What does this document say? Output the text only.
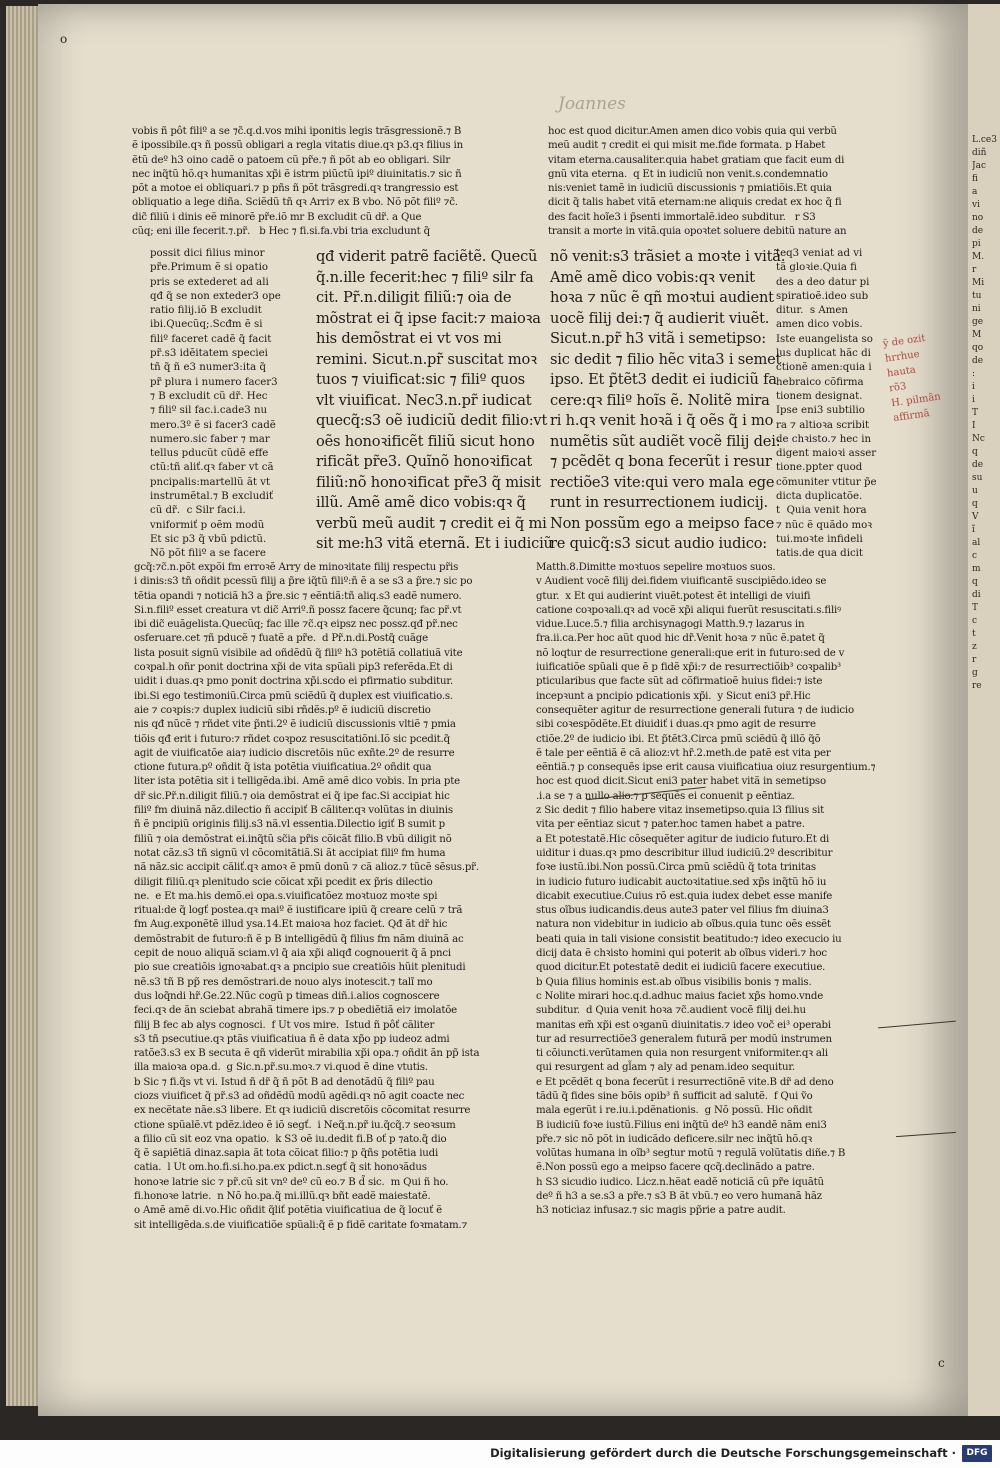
Joannes
vobis ñ pôt filiº a se ⁊c̃.q.d.vos mihi iponitis legis trãsgressionẽ.⁊ B
ẽ ipossibile.qꝛ ñ possũ obligari a regla vitatis diue.qꝛ p3.qꝛ filius in
ẽtũ deº h3 oino cadẽ o patoem cũ pr̃e.⁊ ñ põt ab eo obligari. Silr
nec inq̃tũ hõ.qꝛ humanitas xp̃i ẽ istrm piũctũ ipiº diuinitatis.⁊ sic ñ
põt a motoe ei obliquari.⁊ p pñs ñ põt trãsgredi.qꝛ trangressio est
obliquatio a lege diña. Sciẽdũ tñ qꝛ Arri⁊ ex B vbo. Nõ põt filiº ⁊c̃.
dic̃ filiũ i dinis eẽ minorẽ pr̃e.iõ mr B excludit cũ dr̃. a Que
cũq; eni ille fecerit.⁊.pr̃.   b Hec ⁊ fi.si.fa.vbi tria excludunt q̃
hoc est quod dicitur.Amen amen dico vobis quia qui verbũ
meũ audit ⁊ credit ei qui misit me.fide formata. p Habet
vitam eterna.causaliter.quia habet gratiam que facit eum di
gnũ vita eterna.  q Et in iudiciũ non venit.s.condemnatio
nis:veniet tamẽ in iudiciũ discussionis ⁊ pmiatiõis.Et quia
dicit q̃ talis habet vitã eternam:ne aliquis credat ex hoc q̃ fi
des facit hoĩe3 i p̃senti immortalẽ.ideo subditur.   r S3
transit a morte in vitã.quia opoꝛtet soluere debitũ nature an
possit dici filius minor
pr̃e.Primum ẽ si opatio
pris se extederet ad ali
qđ q̃ se non exteder3 ope
ratio filij.iõ B excludit
ibi.Quecũq;.Scđm ẽ si
filiº faceret cadẽ q̃ facit
pr̃.s3 idẽitatem speciei
tñ q̃ ñ e3 numer3:ita q̃
pr̃ plura i numero facer3
⁊ B excludit cũ dr̃. Hec
⁊ filiº sil fac.i.cade3 nu
mero.3º ẽ si facer3 cadẽ
numero.sic faber ⁊ mar
tellus pducũt cũdẽ effe
ctũ:tñ aliť.qꝛ faber vt cã
pncipalis:martellũ ãt vt
instrumẽtal.⁊ B excludiť
cũ dr̃.  c Silr faci.i.
vniformiť p oẽm modũ
Et sic p3 q̃ vbũ pdictũ.
Nõ põt filiº a se facere
qđ viderit patrẽ faciẽtẽ. Quecũ
q̃.n.ille fecerit:hec ⁊ filiº silr fa
cit. Pr̃.n.diligit filiũ:⁊ oia de
mõstrat ei q̃ ipse facit:⁊ maioꝛa
his demõstrat ei vt vos mi
remini. Sicut.n.pr̃ suscitat moꝛ
tuos ⁊ viuificat:sic ⁊ filiº quos
vlt viuificat. Nec3.n.pr̃ iudicat
quecq̃:s3 oẽ iudiciũ dedit filio:vt
oẽs honoꝛificẽt filiũ sicut hono
rificãt pr̃e3. Quĩnõ honoꝛificat
filiũ:nõ honoꝛificat pr̃e3 q̃ misit
illũ. Amẽ amẽ dico vobis:qꝛ q̃
verbũ meũ audit ⁊ credit ei q̃ mi
sit me:h3 vitã eternã. Et i iudiciũ
nõ venit:s3 trãsiet a moꝛte i vitã.
Amẽ amẽ dico vobis:qꝛ venit
hoꝛa ⁊ nũc ẽ qñ moꝛtui audient
uocẽ filij dei:⁊ q̃ audierit viuẽt.
Sicut.n.pr̃ h3 vitã i semetipso:
sic dedit ⁊ filio hẽc vita3 i semet
ipso. Et p̃tẽt3 dedit ei iudiciũ fa
cere:qꝛ filiº hoĩs ẽ. Nolitẽ mira
ri h.qꝛ venit hoꝛã i q̃ oẽs q̃ i mo
numẽtis sũt audiẽt vocẽ filij dei:
⁊ pcẽdẽt q bona fecerũt i resur
rectiõe3 vite:qui vero mala ege
runt in resurrectionem iudicij.
Non possũm ego a meipso face
re quicq̃:s3 sicut audio iudico:
teq3 veniat ad vi
tã gloꝛie.Quia fi
des a deo datur pi
spiratioẽ.ideo sub
ditur.  s Amen
amen dico vobis.
Iste euangelista so
lus duplicat hãc di
ctionẽ amen:quia i
hebraico cõfirma
tionem designat.
Ipse eni3 subtilio
ra ⁊ altioꝛa scribit
de chꝛisto.⁊ hec in
digent maioꝛi asser
tione.ppter quod
cõmuniter vtitur p̃e
dicta duplicatõe.
t  Quia venit hora
⁊ nũc ẽ quãdo moꝛ
tui.moꝛte infideli
tatis.de qua dicit
gcq̃:⁊c̃.n.põt expõi fm erroꝛẽ Arry de minoꝛitate filij respectu pr̃is
i dinis:s3 tñ oñdit pcessũ filij a p̃re iq̃tũ filiº:ñ ẽ a se s3 a p̃re.⁊ sic po
tẽtia opandi ⁊ noticiã h3 a p̃re.sic ⁊ eẽntiã:tñ aliq.s3 eadẽ numero.
Si.n.filiº esset creatura vt dic̃ Arriº.ñ possz facere q̃cunq; fac pr̃.vt
ibi dic̃ euãgelista.Quecũq; fac ille ⁊c̃.qꝛ eipsz nec possz.qđ pr̃.nec
osferuare.cet ⁊ñ pducẽ ⁊ fuatẽ a pr̃e.  d Pr̃.n.di.Postq̃ cuãge
lista posuit signũ visibile ad oñdẽdũ q̃ filiº h3 potẽtiã collatiuã vite
coꝛpal.h oñr ponit doctrina xp̃i de vita spũali pip3 referẽda.Et di
uidit i duas.qꝛ pmo ponit doctrina xp̃i.scdo ei pfirmatio subditur.
ibi.Si ego testimoniũ.Circa pmũ sciẽdũ q̃ duplex est viuificatio.s.
aie ⁊ coꝛpis:⁊ duplex iudiciũ sibi rñdẽs.pº ẽ iudiciũ discretio
nis qđ nũcẽ ⁊ rñdet vite p̃nti.2º ẽ iudiciũ discussionis vltiẽ ⁊ pmia
tiõis qđ erit i futuro:⁊ rñdet coꝛpoz resuscitatiõni.Iõ sic pcedit.q̃
agit de viuificatõe aia⁊ iudicio discretõis nũc exñte.2º de resurre
ctione futura.pº oñdit q̃ ista potẽtia viuificatiua.2º oñdit qua
liter ista potẽtia sit i telligẽda.ibi. Amẽ amẽ dico vobis. In pria pte
dr̃ sic.Pr̃.n.diligit filiũ.⁊ oia demõstrat ei q̃ ipe fac.Si accipiat hic
filiº fm diuinã nãz.dilectio ñ accipiť B căliter.qꝛ volũtas in diuinis
ñ ẽ pncipiũ originis filij.s3 nã.vl essentia.Dilectio igiť B sumit p
filiũ ⁊ oia demõstrat ei.inq̃tũ sc̃ia pr̃is cõicãt filio.B vbũ diligit nõ
notat cãz.s3 tñ signũ vl cõcomitãtiã.Si ãt accipiat filiº fm huma
nã nãz.sic accipit căliť.qꝛ amoꝛ ẽ pmũ donũ ⁊ cã alioz.⁊ tũcẽ sẽsus.pr̃.
diligit filiũ.qꝛ plenitudo scie cõicat xp̃i pcedit ex p̃ris dilectio
ne.  e Et ma.his demõ.ei opa.s.viuificatõez moꝛtuoz moꝛte spi
ritual:de q̃ logť postea.qꝛ maiº ẽ iustificare ipiũ q̃ creare celũ ⁊ trã
fm Aug.exponẽtẽ illud ysa.14.Et maioꝛa hoz faciet. Qđ ãt dr̃ hic
demõstrabit de futuro:ñ ẽ p B intelligẽdũ q̃ filius fm nãm diuinã ac
cepit de nouo aliquã sciam.vl q̃ aia xp̃i aliqđ cognouerit q̃ ã pnci
pio sue creatiõis ignoꝛabat.qꝛ a pncipio sue creatiõis hũit plenitudi
nẽ.s3 tñ B pp̃ res demõstrari.de nouo alys inotescit.⁊ talĩ mo
dus loq̃ndi hr̃.Ge.22.Nũc cogũ p timeas diñ.i.alios cognoscere
feci.qꝛ de ãn sciebat abrahã timere ips.⁊ p obediẽtiã ei⁊ imolatõe
filij B fec ab alys cognosci.  f Ut vos mire.  Istud ñ pôť căliter
s3 tñ psecutiue.qꝛ ptãs viuificatiua ñ ẽ data xp̃o pp iudeoz admi
ratõe3.s3 ex B secuta ẽ qñ viderũt mirabilia xp̃i opa.⁊ oñdit ãn pp̃ ista
illa maioꝛa opa.d.  g Sic.n.pr̃.su.moꝛ.⁊ vi.quod ẽ dine vtutis.
b Sic ⁊ fi.q̃s vt vi. Istud ñ dr̃ q̃ ñ põt B ad denotãdũ q̃ filiº pau
ciozs viuificet q̃ pr̃.s3 ad oñdẽdũ modũ agẽdi.qꝛ nõ agit coacte nec
ex necẽtate nãe.s3 libere. Et qꝛ iudiciũ discretõis cõcomitat resurre
ctione spũalẽ.vt pdẽz.ideo ẽ iõ segť.  i Neq̃.n.pr̃ iu.q̃cq̃.⁊ seoꝛsum
a filio cũ sit eoz vna opatio.  k S3 oẽ iu.dedit fi.B oť p ⁊ato.q̃ dio
q̃ ẽ sapiẽtiã dinaz.sapia ãt tota cõicat filio:⁊ p q̃ñs potẽtia iudi
catia.  l Ut om.ho.fi.si.ho.pa.ex pdict.n.segť q̃ sit honoꝛãdus
honoꝛe latrie sic ⁊ pr̃.cũ sit vnº deº cũ eo.⁊ B d̃ sic.  m Qui ñ ho.
fi.honoꝛe latrie.  n Nõ ho.pa.q̃ mi.illũ.qꝛ bñt eadẽ maiestatẽ.
o Amẽ amẽ di.vo.Hic oñdit q̃liť potẽtia viuificatiua de q̃ locuť ẽ
sit intelligẽda.s.de viuificatiõe spũali:q̃ ẽ p fidẽ caritate foꝛmatam.⁊
Matth.8.Dimitte moꝛtuos sepelire moꝛtuos suos.
v Audient vocẽ filij dei.fidem viuificantẽ suscipiẽdo.ideo se
gtur.  x Et qui audierint viuẽt.potest ẽt intelligi de viuifi
catione coꝛpoꝛali.qꝛ ad vocẽ xp̃i aliqui fuerũt resuscitati.s.filiꝰ
vidue.Luce.5.⁊ filia archisynagogi Matth.9.⁊ lazarus in
fra.ii.ca.Per hoc aũt quod hic dr̃.Venit hoꝛa ⁊ nũc ẽ.patet q̃
nõ loqtur de resurrectione generali:que erit in futuro:sed de v
iuificatiõe spũali que ẽ p fidẽ xp̃i:⁊ de resurrectiõib³ coꝛpalib³
pticularibus que facte sũt ad cõfirmatioẽ huius fidei:⁊ iste
incepꝛunt a pncipio pdicationis xp̃i.  y Sicut eni3 pr̃.Hic
consequẽter agitur de resurrectione generali futura ⁊ de iudicio
sibi coꝛespõdẽte.Et diuidiť i duas.qꝛ pmo agit de resurre
ctiõe.2º de iudicio ibi. Et p̃tẽt3.Circa pmũ sciẽdũ q̃ illõ q̃õ
ẽ tale per eẽntiã ẽ cã alioz:vt hr̃.2.meth.de patẽ est vita per
eẽntiã.⁊ p consequẽs ipse erit causa viuificatiua oiuz resurgentium.⁊
hoc est quod dicit.Sicut eni3 pater habet vitã in semetipso
.i.a se ⁊ a nullo alio.⁊ p sequẽs ei conuenit p eẽntiaz.
z Sic dedit ⁊ filio habere vitaz insemetipso.quia l3 filius sit
vita per eẽntiaz sicut ⁊ pater.hoc tamen habet a patre.
a Et potestatẽ.Hic cõsequẽter agitur de iudicio futuro.Et di
uiditur i duas.qꝛ pmo describitur illud iudiciũ.2º describitur
foꝛe iustũ.ibi.Non possũ.Circa pmũ sciẽdũ q̃ tota trinitas
in iudicio futuro iudicabit auctoꝛitatiue.sed xp̃s inq̃tũ hõ iu
dicabit executiue.Cuius rõ est.quia iudex debet esse manife
stus oĩbus iudicandis.deus aute3 pater vel filius fm diuina3
natura non videbitur in iudicio ab oĩbus.quia tunc oẽs essẽt
beati quia in tali visione consistit beatitudo:⁊ ideo execucio iu
dicij data ẽ chꝛisto homini qui poterit ab oĩbus videri.⁊ hoc
quod dicitur.Et potestatẽ dedit ei iudiciũ facere executiue.
b Quia filius hominis est.ab oĩbus visibilis bonis ⁊ malis.
c Nolite mirari hoc.q.d.adhuc maius faciet xp̃s homo.vnde
subditur.  d Quia venit hoꝛa ⁊c̃.audient vocẽ filij dei.hu
manitas em̃ xp̃i est oꝛganũ diuinitatis.⁊ ideo voc̃ ei³ operabi
tur ad resurrectiõe3 generalem futurã per modũ instrumen
ti cõiuncti.verũtamen quia non resurgent vniformiter.qꝛ ali
qui resurgent ad gl̃am ⁊ aly ad penam.ideo sequitur.
e Et pcẽdẽt q bona fecerũt i resurrectiõnẽ vite.B dr̃ ad deno
tãdũ q̃ fides sine bõis opib³ ñ sufficit ad salutẽ.  f Qui ṽo
mala egerũt i re.iu.i.pdẽnationis.  g Nõ possũ. Hic oñdit
B iudiciũ foꝛe iustũ.Filius eni inq̃tũ deº h3 eandẽ nãm eni3
pr̃e.⁊ sic nõ põt in iudicãdo deficere.silr nec inq̃tũ hõ.qꝛ
volũtas humana in oĩb³ segtur motũ ⁊ regulã volũtatis diñe.⁊ B
ẽ.Non possũ ego a meipso facere qcq̃.declinãdo a patre.
h S3 sicudio iudico. Licz.n.hẽat eadẽ noticiã cũ pr̃e iquãtũ
deº ñ h3 a se.s3 a pr̃e.⁊ s3 B ãt vbũ.⁊ eo vero humanã hãz
h3 noticiaz infusaz.⁊ sic magis pp̃rie a patre audit.
o
c
ỹ de ozit
hrrhue
hauta
rõ3
H. pilmãn
affirmã
L.ce3
diñ
Jac
fi
a
vi
no
de
pi
M.
r
Mi
tu
ni
ge
M
qo
de
:
i
i
T
I
Nc
q
de
su
u
q
V
ĩ
al
c
m
q
di
T
c
t
z
r
g
re
Digitalisierung gefördert durch die Deutsche Forschungsgemeinschaft ·	DFG
